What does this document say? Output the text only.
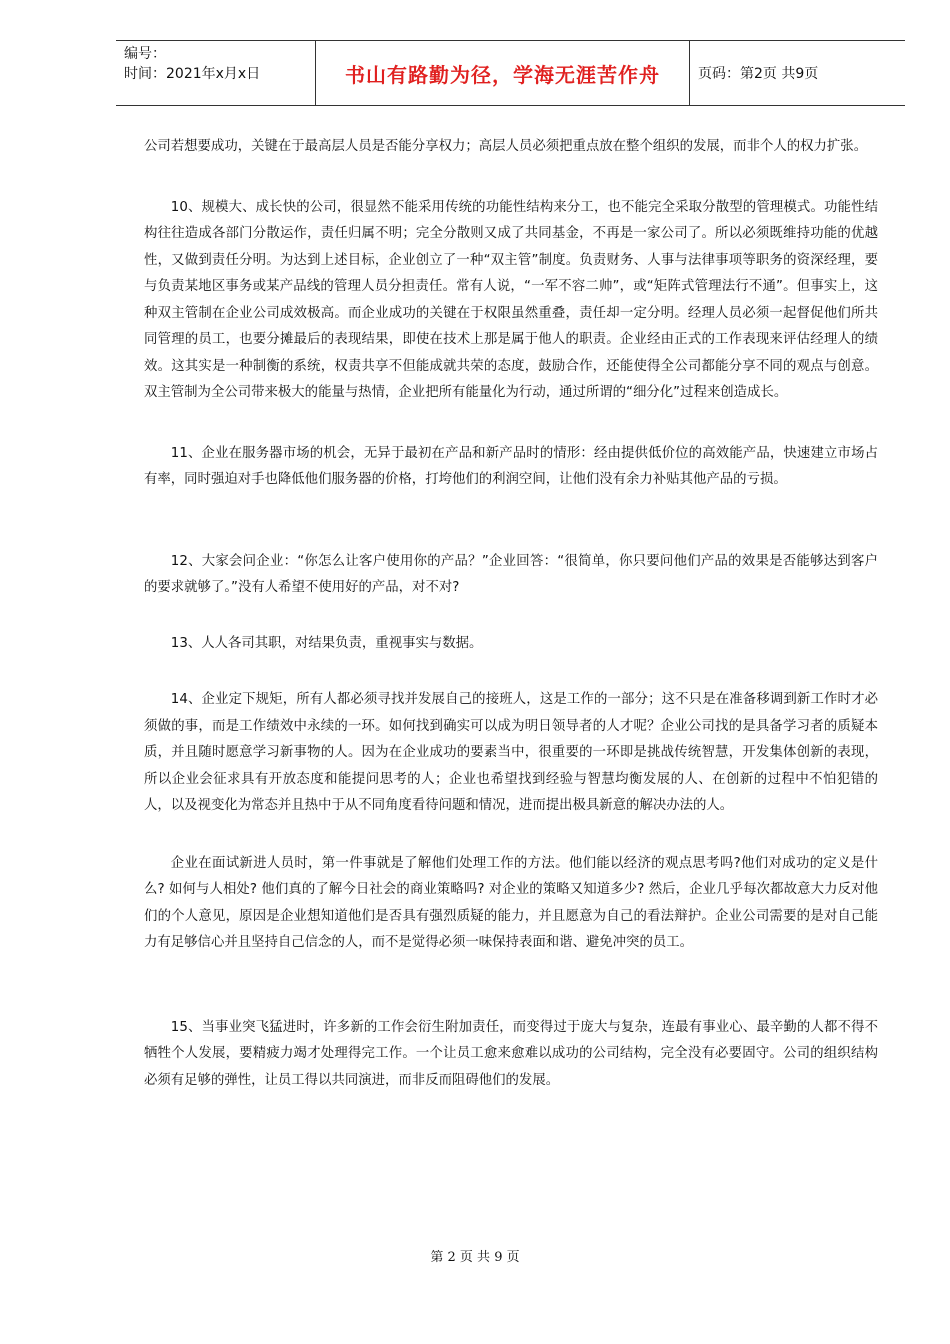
编号：
时间：2021年x月x日	书山有路勤为径，学海无涯苦作舟	页码：第2页 共9页

公司若想要成功，关键在于最高层人员是否能分享权力；高层人员必须把重点放在整个组织的发展，而非个人的权力扩张。

10、规模大、成长快的公司，很显然不能采用传统的功能性结构来分工，也不能完全采取分散型的管理模式。功能性结构往往造成各部门分散运作，责任归属不明；完全分散则又成了共同基金，不再是一家公司了。所以必须既维持功能的优越性，又做到责任分明。为达到上述目标，企业创立了一种“双主管”制度。负责财务、人事与法律事项等职务的资深经理，要与负责某地区事务或某产品线的管理人员分担责任。常有人说，“一军不容二帅”，或“矩阵式管理法行不通”。但事实上，这种双主管制在企业公司成效极高。而企业成功的关键在于权限虽然重叠，责任却一定分明。经理人员必须一起督促他们所共同管理的员工，也要分摊最后的表现结果，即使在技术上那是属于他人的职责。企业经由正式的工作表现来评估经理人的绩效。这其实是一种制衡的系统，权责共享不但能成就共荣的态度，鼓励合作，还能使得全公司都能分享不同的观点与创意。双主管制为全公司带来极大的能量与热情，企业把所有能量化为行动，通过所谓的“细分化”过程来创造成长。

11、企业在服务器市场的机会，无异于最初在产品和新产品时的情形：经由提供低价位的高效能产品，快速建立市场占有率，同时强迫对手也降低他们服务器的价格，打垮他们的利润空间，让他们没有余力补贴其他产品的亏损。

12、大家会问企业：“你怎么让客户使用你的产品？”企业回答：“很简单，你只要问他们产品的效果是否能够达到客户的要求就够了。”没有人希望不使用好的产品，对不对?

13、人人各司其职，对结果负责，重视事实与数据。

14、企业定下规矩，所有人都必须寻找并发展自己的接班人，这是工作的一部分；这不只是在准备移调到新工作时才必须做的事，而是工作绩效中永续的一环。如何找到确实可以成为明日领导者的人才呢？企业公司找的是具备学习者的质疑本质，并且随时愿意学习新事物的人。因为在企业成功的要素当中，很重要的一环即是挑战传统智慧，开发集体创新的表现，所以企业会征求具有开放态度和能提问思考的人；企业也希望找到经验与智慧均衡发展的人、在创新的过程中不怕犯错的人，以及视变化为常态并且热中于从不同角度看待问题和情况，进而提出极具新意的解决办法的人。

企业在面试新进人员时，第一件事就是了解他们处理工作的方法。他们能以经济的观点思考吗?他们对成功的定义是什么? 如何与人相处? 他们真的了解今日社会的商业策略吗? 对企业的策略又知道多少? 然后，企业几乎每次都故意大力反对他们的个人意见，原因是企业想知道他们是否具有强烈质疑的能力，并且愿意为自己的看法辩护。企业公司需要的是对自己能力有足够信心并且坚持自己信念的人，而不是觉得必须一味保持表面和谐、避免冲突的员工。

15、当事业突飞猛进时，许多新的工作会衍生附加责任，而变得过于庞大与复杂，连最有事业心、最辛勤的人都不得不牺牲个人发展，要精疲力竭才处理得完工作。一个让员工愈来愈难以成功的公司结构，完全没有必要固守。公司的组织结构必须有足够的弹性，让员工得以共同演进，而非反而阻碍他们的发展。

第 2 页 共 9 页
